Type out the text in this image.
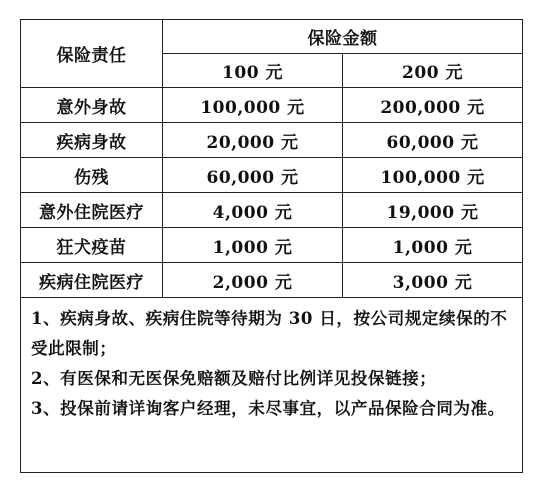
保险责任	保险金额	
	100 元	200 元
意外身故	100,000 元	200,000 元
疾病身故	20,000 元	60,000 元
伤残	60,000 元	100,000 元
意外住院医疗	4,000 元	19,000 元
狂犬疫苗	1,000 元	1,000 元
疾病住院医疗	2,000 元	3,000 元

1、疾病身故、疾病住院等待期为 30 日，按公司规定续保的不受此限制；

2、有医保和无医保免赔额及赔付比例详见投保链接；

3、投保前请详询客户经理，未尽事宜，以产品保险合同为准。		
